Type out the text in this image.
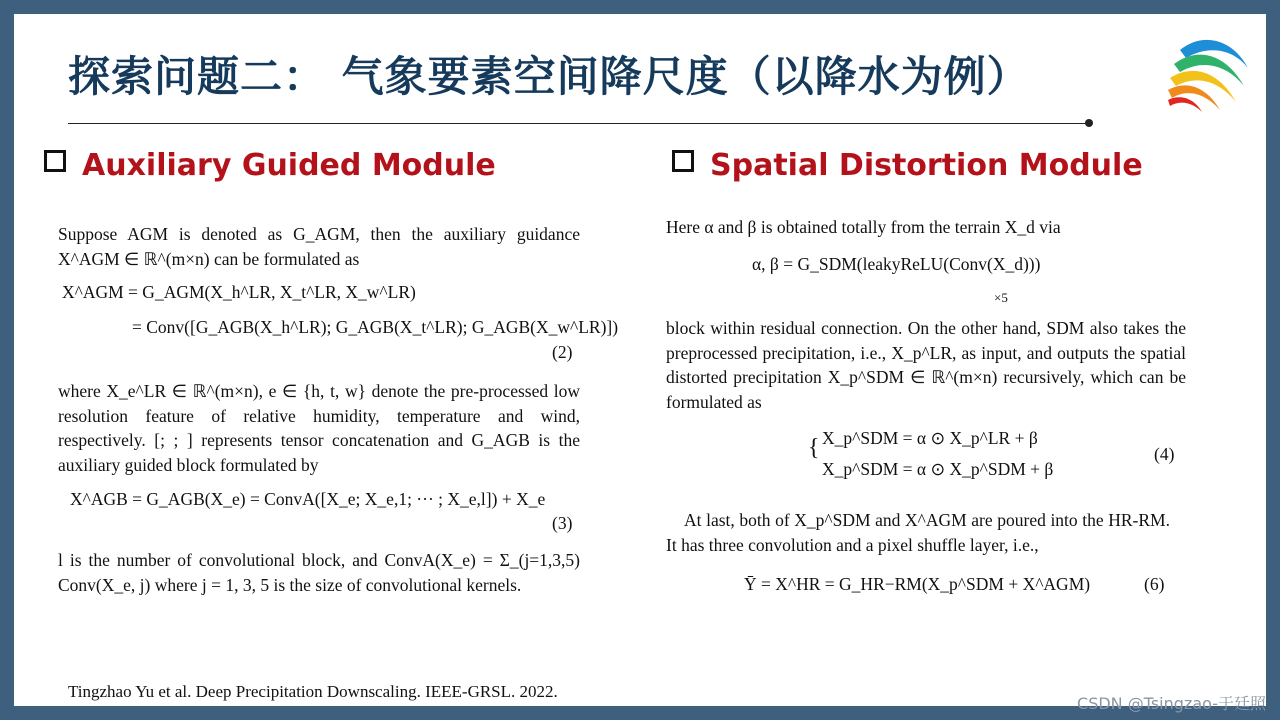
探索问题二： 气象要素空间降尺度（以降水为例）
Auxiliary Guided Module
Suppose AGM is denoted as G_AGM, then the auxiliary guidance X^AGM ∈ ℝ^(m×n) can be formulated as
X^AGM = G_AGM(X_h^LR, X_t^LR, X_w^LR)
= Conv([G_AGB(X_h^LR); G_AGB(X_t^LR); G_AGB(X_w^LR)])
(2)
where X_e^LR ∈ ℝ^(m×n), e ∈ {h, t, w} denote the pre-processed low resolution feature of relative humidity, temperature and wind, respectively. [; ; ] represents tensor concatenation and G_AGB is the auxiliary guided block formulated by
X^AGB = G_AGB(X_e) = ConvA([X_e; X_e,1; ··· ; X_e,l]) + X_e
(3)
l is the number of convolutional block, and ConvA(X_e) = Σ_(j=1,3,5) Conv(X_e, j) where j = 1, 3, 5 is the size of convolutional kernels.
Spatial Distortion Module
Here α and β is obtained totally from the terrain X_d via
α, β = G_SDM(leakyReLU(Conv(X_d)))
×5
block within residual connection. On the other hand, SDM also takes the preprocessed precipitation, i.e., X_p^LR, as input, and outputs the spatial distorted precipitation X_p^SDM ∈ ℝ^(m×n) recursively, which can be formulated as
{ X_p^SDM = α ⊙ X_p^LR + β
X_p^SDM = α ⊙ X_p^SDM + β
(4)
At last, both of X_p^SDM and X^AGM are poured into the HR-RM. It has three convolution and a pixel shuffle layer, i.e.,
Ȳ = X^HR = G_HR−RM(X_p^SDM + X^AGM)	(6)
Tingzhao Yu et al. Deep Precipitation Downscaling. IEEE-GRSL. 2022.
CSDN @Tsingzao-于廷照
